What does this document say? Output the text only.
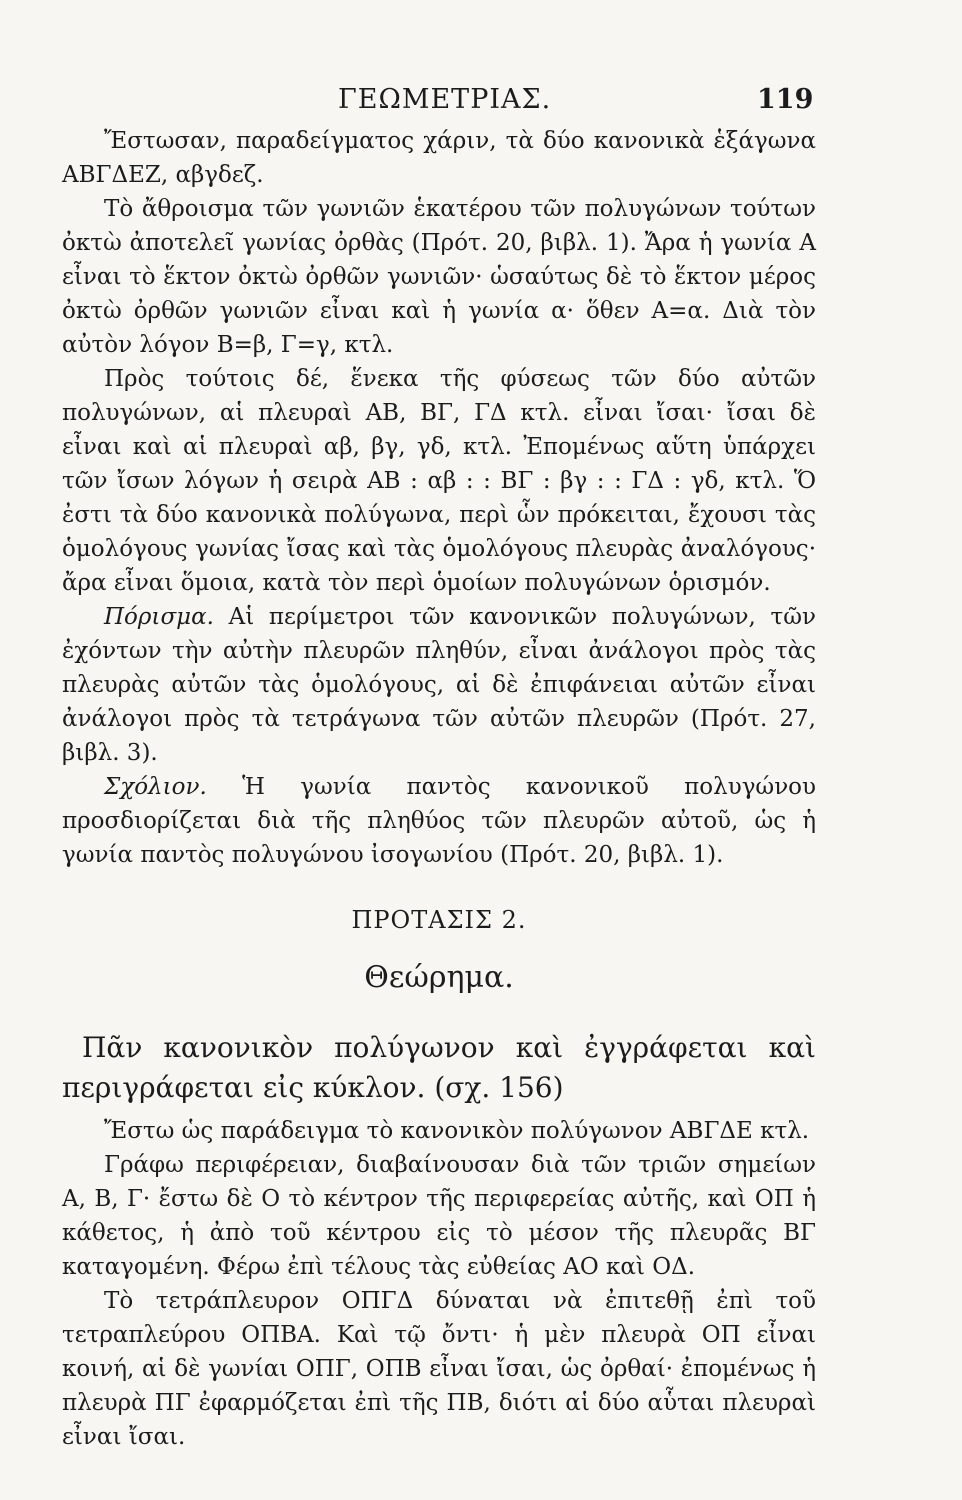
ΓΕΩΜΕΤΡΙΑΣ.	119

Ἔστωσαν, παραδείγματος χάριν, τὰ δύο κανονικὰ ἑξάγωνα ΑΒΓΔΕΖ, αβγδεζ.

Τὸ ἄθροισμα τῶν γωνιῶν ἑκατέρου τῶν πολυγώνων τούτων ὀκτὼ ἀποτελεῖ γωνίας ὀρθὰς (Πρότ. 20, βιβλ. 1). Ἄρα ἡ γωνία Α εἶναι τὸ ἕκτον ὀκτὼ ὀρθῶν γωνιῶν· ὡσαύτως δὲ τὸ ἕκτον μέρος ὀκτὼ ὀρθῶν γωνιῶν εἶναι καὶ ἡ γωνία α· ὅθεν Α=α. Διὰ τὸν αὐτὸν λόγον Β=β, Γ=γ, κτλ.

Πρὸς τούτοις δέ, ἕνεκα τῆς φύσεως τῶν δύο αὐτῶν πολυγώνων, αἱ πλευραὶ ΑΒ, ΒΓ, ΓΔ κτλ. εἶναι ἴσαι· ἴσαι δὲ εἶναι καὶ αἱ πλευραὶ αβ, βγ, γδ, κτλ. Ἐπομένως αὕτη ὑπάρχει τῶν ἴσων λόγων ἡ σειρὰ ΑΒ : αβ : : ΒΓ : βγ : : ΓΔ : γδ, κτλ. Ὅ ἐστι τὰ δύο κανονικὰ πολύγωνα, περὶ ὧν πρόκειται, ἔχουσι τὰς ὁμολόγους γωνίας ἴσας καὶ τὰς ὁμολόγους πλευρὰς ἀναλόγους· ἄρα εἶναι ὅμοια, κατὰ τὸν περὶ ὁμοίων πολυγώνων ὁρισμόν.

Πόρισμα. Αἱ περίμετροι τῶν κανονικῶν πολυγώνων, τῶν ἐχόντων τὴν αὐτὴν πλευρῶν πληθύν, εἶναι ἀνάλογοι πρὸς τὰς πλευρὰς αὐτῶν τὰς ὁμολόγους, αἱ δὲ ἐπιφάνειαι αὐτῶν εἶναι ἀνάλογοι πρὸς τὰ τετράγωνα τῶν αὐτῶν πλευρῶν (Πρότ. 27, βιβλ. 3).

Σχόλιον. Ἡ γωνία παντὸς κανονικοῦ πολυγώνου προσδιορίζεται διὰ τῆς πληθύος τῶν πλευρῶν αὐτοῦ, ὡς ἡ γωνία παντὸς πολυγώνου ἰσογωνίου (Πρότ. 20, βιβλ. 1).

ΠΡΟΤΑΣΙΣ 2.
Θεώρημα.

Πᾶν κανονικὸν πολύγωνον καὶ ἐγγράφεται καὶ περιγράφεται εἰς κύκλον. (σχ. 156)

Ἔστω ὡς παράδειγμα τὸ κανονικὸν πολύγωνον ΑΒΓΔΕ κτλ.

Γράφω περιφέρειαν, διαβαίνουσαν διὰ τῶν τριῶν σημείων Α, Β, Γ· ἔστω δὲ Ο τὸ κέντρον τῆς περιφερείας αὐτῆς, καὶ ΟΠ ἡ κάθετος, ἡ ἀπὸ τοῦ κέντρου εἰς τὸ μέσον τῆς πλευρᾶς ΒΓ καταγομένη. Φέρω ἐπὶ τέλους τὰς εὐθείας ΑΟ καὶ ΟΔ.

Τὸ τετράπλευρον ΟΠΓΔ δύναται νὰ ἐπιτεθῇ ἐπὶ τοῦ τετραπλεύρου ΟΠΒΑ. Καὶ τῷ ὄντι· ἡ μὲν πλευρὰ ΟΠ εἶναι κοινή, αἱ δὲ γωνίαι ΟΠΓ, ΟΠΒ εἶναι ἴσαι, ὡς ὀρθαί· ἐπομένως ἡ πλευρὰ ΠΓ ἐφαρμόζεται ἐπὶ τῆς ΠΒ, διότι αἱ δύο αὗται πλευραὶ εἶναι ἴσαι.
